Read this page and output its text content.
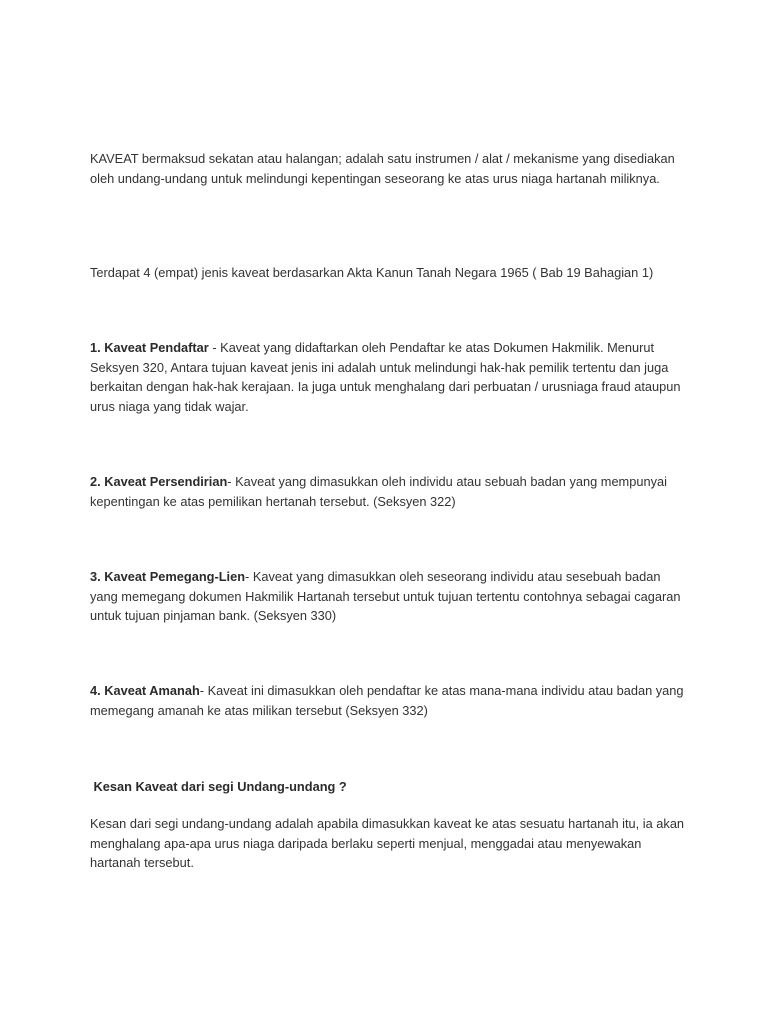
KAVEAT bermaksud sekatan atau halangan; adalah satu instrumen / alat / mekanisme yang disediakan oleh undang-undang untuk melindungi kepentingan seseorang ke atas urus niaga hartanah miliknya.

Terdapat 4 (empat) jenis kaveat berdasarkan Akta Kanun Tanah Negara 1965 ( Bab 19 Bahagian 1)

1. Kaveat Pendaftar - Kaveat yang didaftarkan oleh Pendaftar ke atas Dokumen Hakmilik. Menurut Seksyen 320, Antara tujuan kaveat jenis ini adalah untuk melindungi hak-hak pemilik tertentu dan juga berkaitan dengan hak-hak kerajaan. Ia juga untuk menghalang dari perbuatan / urusniaga fraud ataupun urus niaga yang tidak wajar.

2. Kaveat Persendirian- Kaveat yang dimasukkan oleh individu atau sebuah badan yang mempunyai kepentingan ke atas pemilikan hertanah tersebut. (Seksyen 322)

3. Kaveat Pemegang-Lien- Kaveat yang dimasukkan oleh seseorang individu atau sesebuah badan yang memegang dokumen Hakmilik Hartanah tersebut untuk tujuan tertentu contohnya sebagai cagaran untuk tujuan pinjaman bank. (Seksyen 330)

4. Kaveat Amanah- Kaveat ini dimasukkan oleh pendaftar ke atas mana-mana individu atau badan yang memegang amanah ke atas milikan tersebut (Seksyen 332)

Kesan Kaveat dari segi Undang-undang ?

Kesan dari segi undang-undang adalah apabila dimasukkan kaveat ke atas sesuatu hartanah itu, ia akan menghalang apa-apa urus niaga daripada berlaku seperti menjual, menggadai atau menyewakan hartanah tersebut.
